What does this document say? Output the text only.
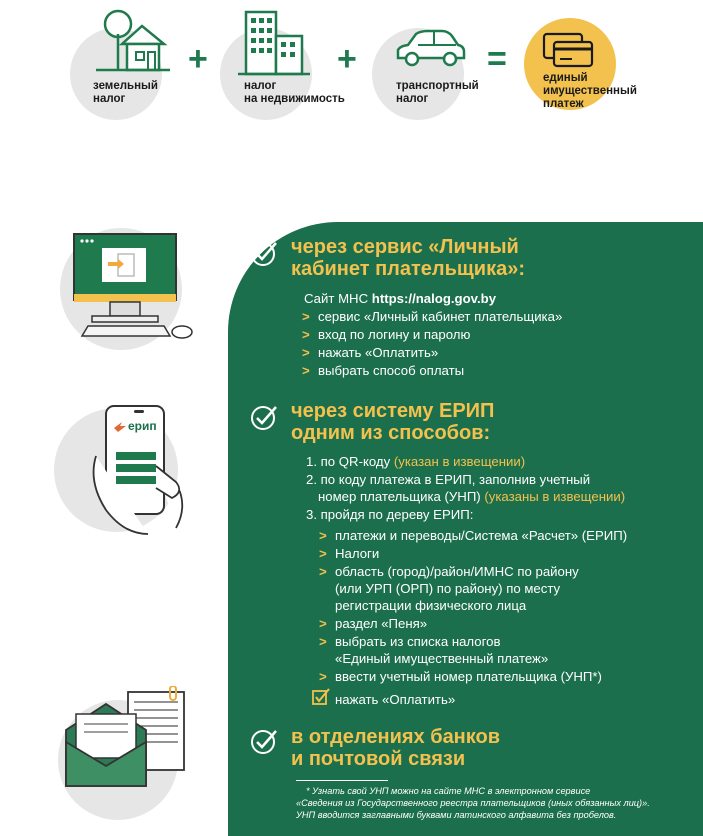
земельный
налог
+
налог
на недвижимость
+
транспортный
налог
=	единый
имущественный
платеж
ерип
через сервис «Личный
кабинет плательщика»:
Сайт МНС https://nalog.gov.by
> сервис «Личный кабинет плательщика»
> вход по логину и паролю
> нажать «Оплатить»
> выбрать способ оплаты
через систему ЕРИП
одним из способов:
1. по QR-коду (указан в извещении)
2. по коду платежа в ЕРИП, заполнив учетный
номер плательщика (УНП) (указаны в извещении)
3. пройдя по дереву ЕРИП:
> платежи и переводы/Система «Расчет» (ЕРИП)
> Налоги
> область (город)/район/ИМНС по району
(или УРП (ОРП) по району) по месту
регистрации физического лица
> раздел «Пеня»
> выбрать из списка налогов
«Единый имущественный платеж»
> ввести учетный номер плательщика (УНП*)
нажать «Оплатить»
в отделениях банков
и почтовой связи
* Узнать свой УНП можно на сайте МНС в электронном сервисе
«Сведения из Государственного реестра плательщиков (иных обязанных лиц)».
УНП вводится заглавными буквами латинского алфавита без пробелов.
